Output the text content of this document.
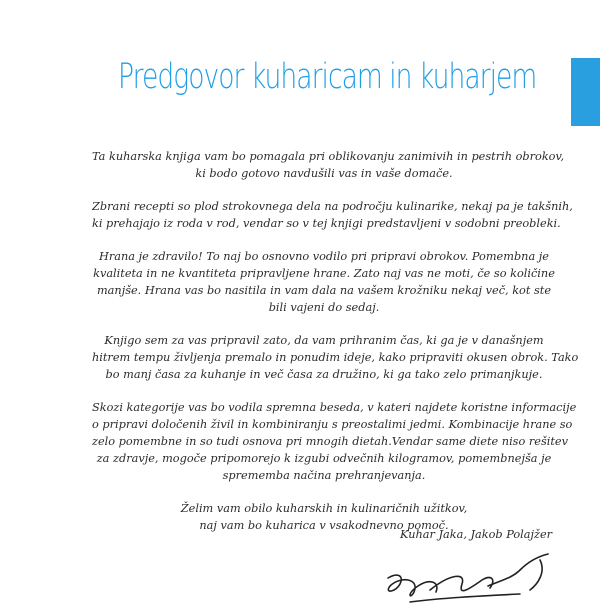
Predgovor kuharicam in kuharjem
Ta kuharska knjiga vam bo pomagala pri oblikovanju zanimivih in pestrih obrokov,
ki bodo gotovo navdušili vas in vaše domače.
Zbrani recepti so plod strokovnega dela na področju kulinarike, nekaj pa je takšnih,
ki prehajajo iz roda v rod, vendar so v tej knjigi predstavljeni v sodobni preobleki.
Hrana je zdravilo! To naj bo osnovno vodilo pri pripravi obrokov. Pomembna je
kvaliteta in ne kvantiteta pripravljene hrane. Zato naj vas ne moti, če so količine
manjše. Hrana vas bo nasitila in vam dala na vašem krožniku nekaj več, kot ste
bili vajeni do sedaj.
Knjigo sem za vas pripravil zato, da vam prihranim čas, ki ga je v današnjem
hitrem tempu življenja premalo in ponudim ideje, kako pripraviti okusen obrok. Tako
bo manj časa za kuhanje in več časa za družino, ki ga tako zelo primanjkuje.
Skozi kategorije vas bo vodila spremna beseda, v kateri najdete koristne informacije
o pripravi določenih živil in kombiniranju s preostalimi jedmi. Kombinacije hrane so
zelo pomembne in so tudi osnova pri mnogih dietah.Vendar same diete niso rešitev
za zdravje, mogoče pripomorejo k izgubi odvečnih kilogramov, pomembnejša je
sprememba načina prehranjevanja.
Želim vam obilo kuharskih in kulinaričnih užitkov,
naj vam bo kuharica v vsakodnevno pomoč.
Kuhar Jaka, Jakob Polajžer
